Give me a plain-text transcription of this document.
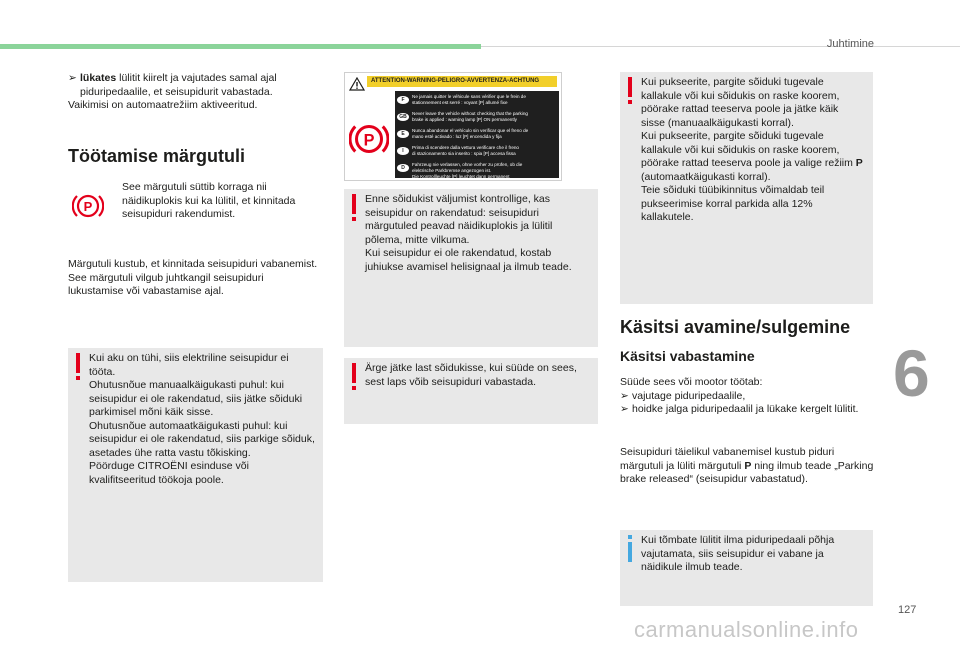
Juhtimine
6
127
carmanualsonline.info

➢ lükates lülitit kiirelt ja vajutades samal ajal piduripedaalile, et seisupidurit vabastada.

Vaikimisi on automaatrežiim aktiveeritud.

Töötamise märgutuli
P
See märgutuli süttib korraga nii näidikuplokis kui ka lülitil, et kinnitada seisupiduri rakendumist.

Märgutuli kustub, et kinnitada seisupiduri vabanemist.

See märgutuli vilgub juhtkangil seisupiduri lukustamise või vabastamise ajal.

Kui aku on tühi, siis elektriline seisupidur ei tööta.

Ohutusnõue manuaalkäigukasti puhul: kui seisupidur ei ole rakendatud, siis jätke sõiduki parkimisel mõni käik sisse.

Ohutusnõue automaatkäigukasti puhul: kui seisupidur ei ole rakendatud, siis parkige sõiduk, asetades ühe ratta vastu tõkisking.

Pöörduge CITROËNI esinduse või kvalifitseeritud töökoja poole.

ATTENTION-WARNING-PELIGRO-AVVERTENZA-ACHTUNG
P
F
Ne jamais quitter le véhicule sans vérifier que le frein de
stationnement est serré : voyant [P] allumé fixe
GB
Never leave the vehicle without checking that the parking
brake is applied : warning lamp [P] ON permanently
E
Nunca abandonar el vehículo sin verificar que el freno de
mano esté activado : luz [P] encendida y fija
I
Prima di scendere dalla vettura verificare che il freno
di stazionamento sia inserito : spia [P] accesa fissa
D
Fahrzeug nie verlassen, ohne vorher zu prüfen, ob die
elektrische Parkbremse angezogen ist.
Die Kontrollleuchte [P] leuchtet dann permanent

Enne sõidukist väljumist kontrollige, kas seisupidur on rakendatud: seisupiduri märgutuled peavad näidikuplokis ja lülitil põlema, mitte vilkuma.

Kui seisupidur ei ole rakendatud, kostab juhiukse avamisel helisignaal ja ilmub teade.

Ärge jätke last sõidukisse, kui süüde on sees, sest laps võib seisupiduri vabastada.

Kui pukseerite, pargite sõiduki tugevale kallakule või kui sõidukis on raske koorem, pöörake rattad teeserva poole ja jätke käik sisse (manuaalkäigukasti korral).

Kui pukseerite, pargite sõiduki tugevale kallakule või kui sõidukis on raske koorem, pöörake rattad teeserva poole ja valige režiim P (automaatkäigukasti korral).

Teie sõiduki tüübikinnitus võimaldab teil pukseerimise korral parkida alla 12% kallakutele.

Käsitsi avamine/sulgemine
Käsitsi vabastamine

Süüde sees või mootor töötab:

➢ vajutage piduripedaalile,

➢ hoidke jalga piduripedaalil ja lükake kergelt lülitit.

Seisupiduri täielikul vabanemisel kustub piduri märgutuli ja lüliti märgutuli P ning ilmub teade „Parking brake released“ (seisupidur vabastatud).

Kui tõmbate lülitit ilma piduripedaali põhja vajutamata, siis seisupidur ei vabane ja näidikule ilmub teade.
